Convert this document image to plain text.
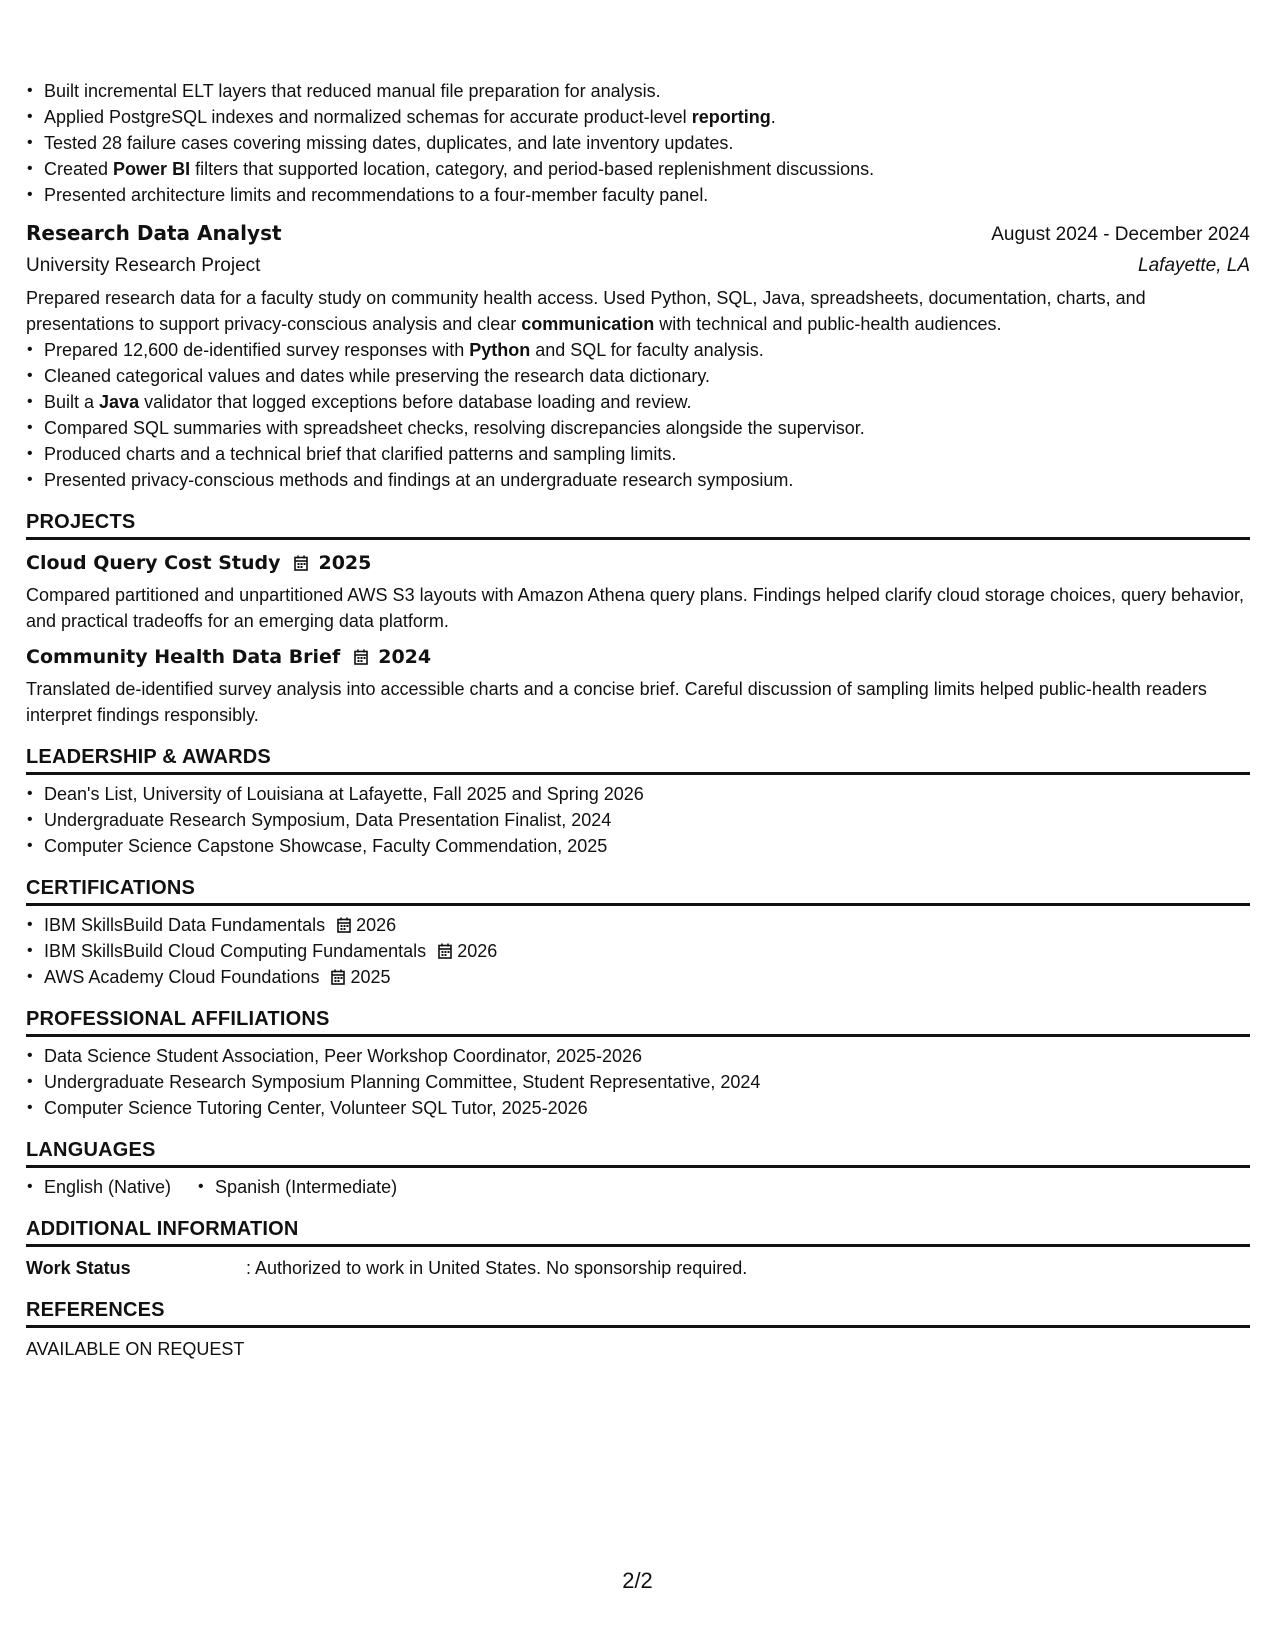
• Built incremental ELT layers that reduced manual file preparation for analysis.
• Applied PostgreSQL indexes and normalized schemas for accurate product-level reporting.
• Tested 28 failure cases covering missing dates, duplicates, and late inventory updates.
• Created Power BI filters that supported location, category, and period-based replenishment discussions.
• Presented architecture limits and recommendations to a four-member faculty panel.
Research Data Analyst	August 2024 - December 2024
University Research Project	Lafayette, LA
Prepared research data for a faculty study on community health access. Used Python, SQL, Java, spreadsheets, documentation, charts, and presentations to support privacy-conscious analysis and clear communication with technical and public-health audiences.
• Prepared 12,600 de-identified survey responses with Python and SQL for faculty analysis.
• Cleaned categorical values and dates while preserving the research data dictionary.
• Built a Java validator that logged exceptions before database loading and review.
• Compared SQL summaries with spreadsheet checks, resolving discrepancies alongside the supervisor.
• Produced charts and a technical brief that clarified patterns and sampling limits.
• Presented privacy-conscious methods and findings at an undergraduate research symposium.
PROJECTS
Cloud Query Cost Study 2025
Compared partitioned and unpartitioned AWS S3 layouts with Amazon Athena query plans. Findings helped clarify cloud storage choices, query behavior, and practical tradeoffs for an emerging data platform.
Community Health Data Brief 2024
Translated de-identified survey analysis into accessible charts and a concise brief. Careful discussion of sampling limits helped public-health readers interpret findings responsibly.
LEADERSHIP & AWARDS
• Dean's List, University of Louisiana at Lafayette, Fall 2025 and Spring 2026
• Undergraduate Research Symposium, Data Presentation Finalist, 2024
• Computer Science Capstone Showcase, Faculty Commendation, 2025
CERTIFICATIONS
• IBM SkillsBuild Data Fundamentals 2026
• IBM SkillsBuild Cloud Computing Fundamentals 2026
• AWS Academy Cloud Foundations 2025
PROFESSIONAL AFFILIATIONS
• Data Science Student Association, Peer Workshop Coordinator, 2025-2026
• Undergraduate Research Symposium Planning Committee, Student Representative, 2024
• Computer Science Tutoring Center, Volunteer SQL Tutor, 2025-2026
LANGUAGES
• English (Native)
• Spanish (Intermediate)
ADDITIONAL INFORMATION
Work Status	: Authorized to work in United States. No sponsorship required.
REFERENCES
AVAILABLE ON REQUEST
2/2
